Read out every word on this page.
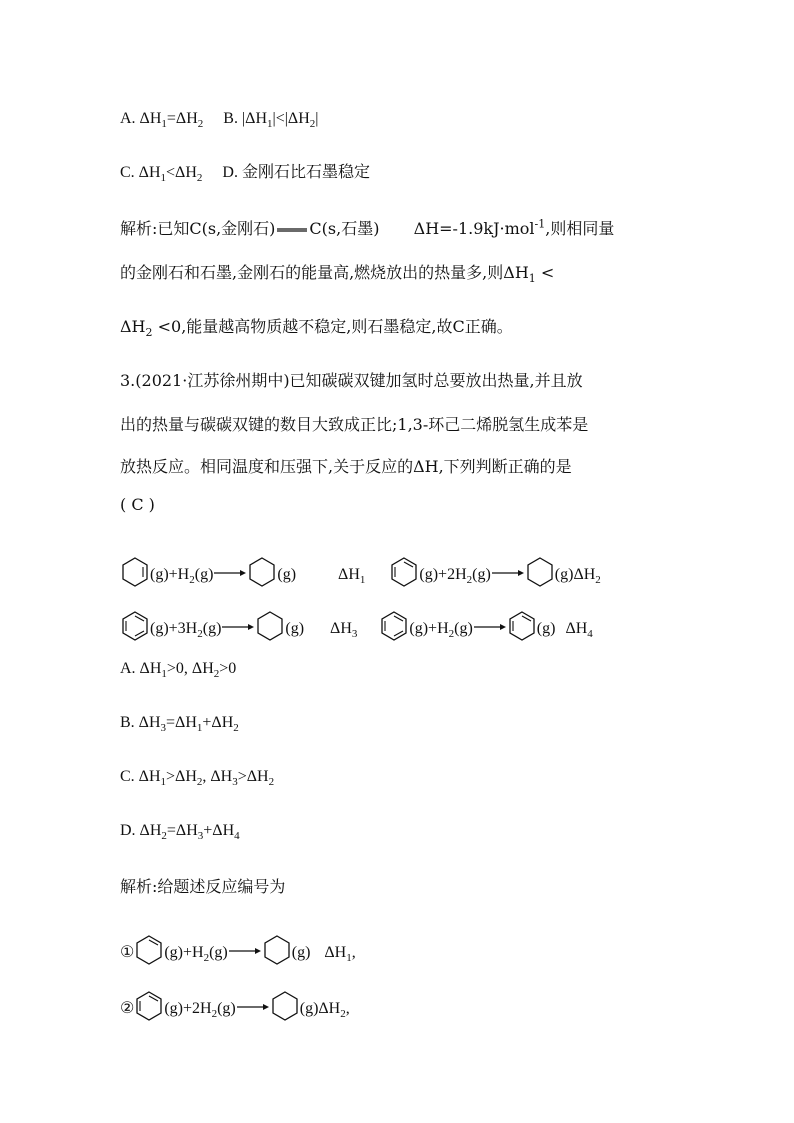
A. $\Delta H_1=\Delta H_2$ B. $|\Delta H_1|<|\Delta H_2|$
C. $\Delta H_1<\Delta H_2$ D. 金刚石比石墨稳定
解析:已知C(s,金刚石) C(s,石墨) ΔH=-1.9kJ·mol$^{-1}$,则相同量
的金刚石和石墨,金刚石的能量高,燃烧放出的热量多,则$\Delta H_1$ <
$\Delta H_2 <0$,能量越高物质越不稳定,则石墨稳定,故C正确。
3.(2021·江苏徐州期中)已知碳碳双键加氢时总要放出热量,并且放
出的热量与碳碳双键的数目大致成正比;1,3-环己二烯脱氢生成苯是
放热反应。相同温度和压强下,关于反应的ΔH,下列判断正确的是
( C )
$(g)+H_2(g)\to (g)$	$\Delta H_1$	$(g)+2H_2(g)\to (g)\Delta H_2$
$(g)+3H_2(g)\to (g)$ $\Delta H_3$	$(g)+H_2(g)\to (g)$ $\Delta H_4$
A. $\Delta H_1>0$, $\Delta H_2>0$
B. $\Delta H_3=\Delta H_1+\Delta H_2$
C. $\Delta H_1>\Delta H_2$, $\Delta H_3>\Delta H_2$
D. $\Delta H_2=\Delta H_3+\Delta H_4$
解析:给题述反应编号为
① $(g)+H_2(g)\to (g)$ $\Delta H_1$,
② $(g)+2H_2(g)\to (g)\Delta H_2$,
